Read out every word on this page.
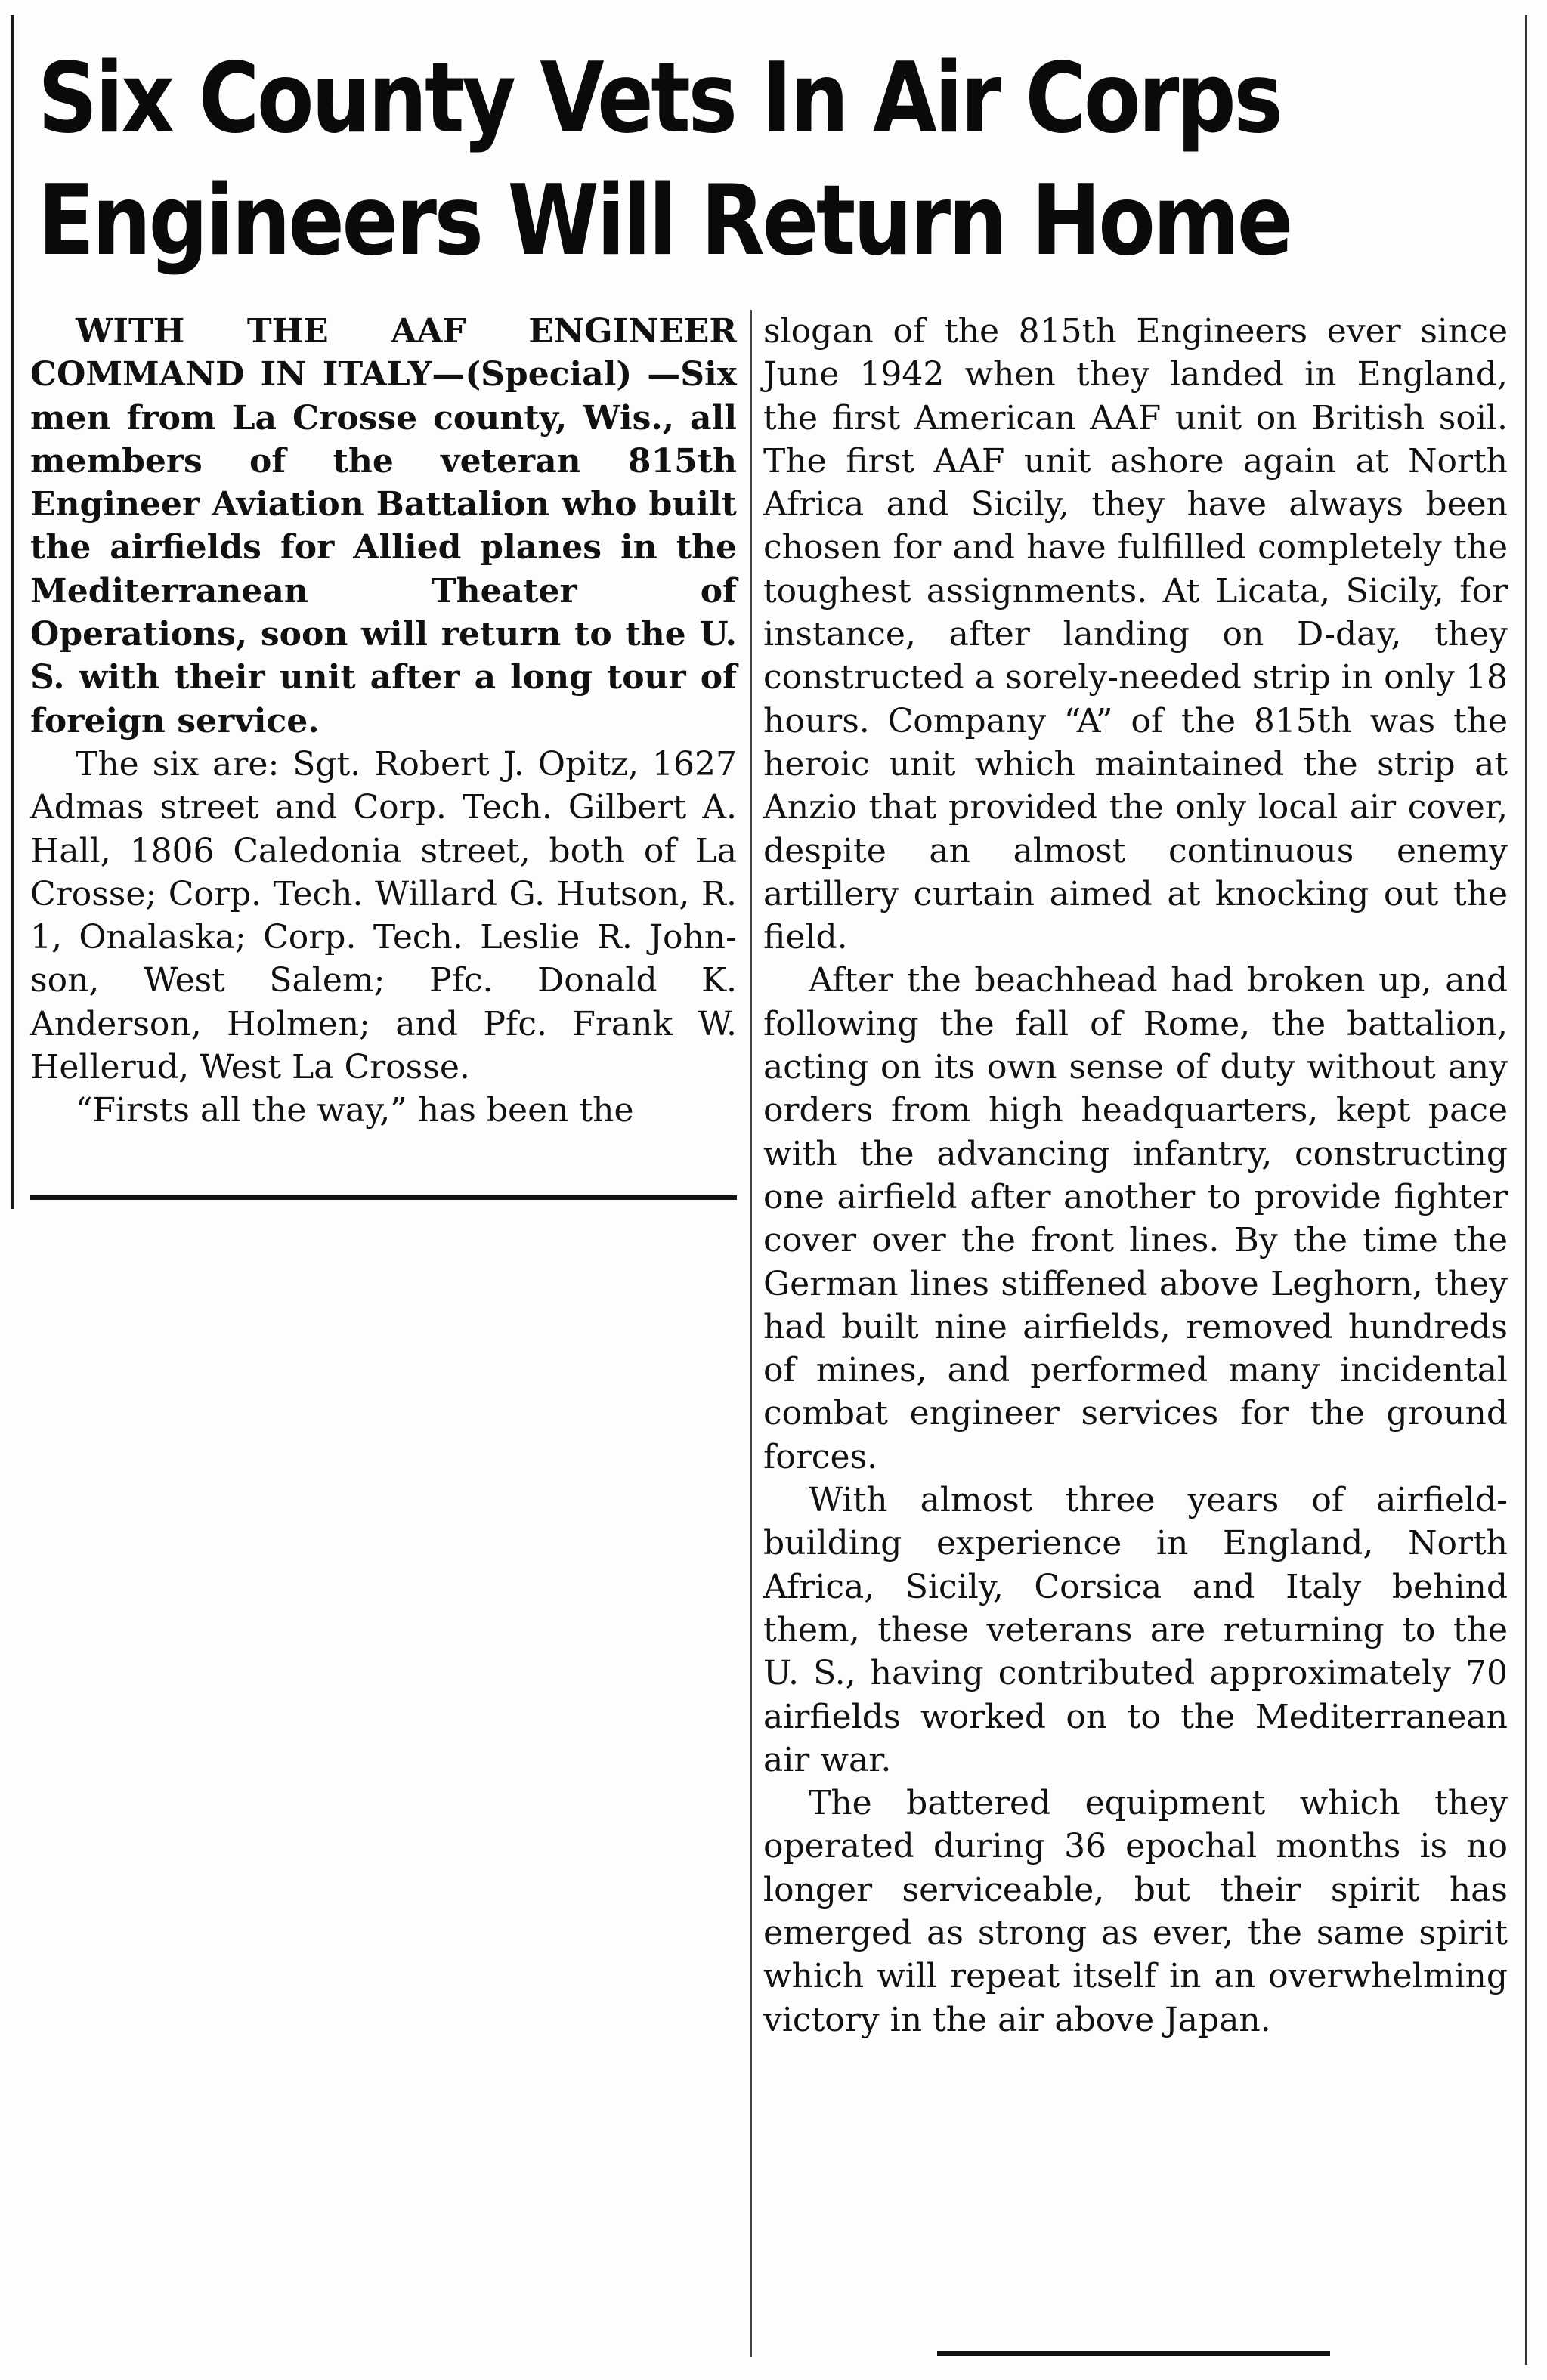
Six County Vets In Air Corps
Engineers Will Return Home

WITH THE AAF ENGINEER COMMAND IN ITALY—(Special) —Six men from La Crosse county, Wis., all members of the veteran 815th Engineer Aviation Battalion who built the airfields for Allied planes in the Mediterranean Theater of Operations, soon will return to the U. S. with their unit after a long tour of foreign service.

The six are: Sgt. Robert J. Opitz, 1627 Admas street and Corp. Tech. Gilbert A. Hall, 1806 Caledonia street, both of La Crosse; Corp. Tech. Willard G. Hutson, R. 1, Onalaska; Corp. Tech. Leslie R. Johnson, West Salem; Pfc. Donald K. Anderson, Holmen; and Pfc. Frank W. Hellerud, West La Crosse.

“Firsts all the way,” has been the

slogan of the 815th Engineers ever since June 1942 when they landed in England, the first American AAF unit on British soil. The first AAF unit ashore again at North Africa and Sicily, they have always been chosen for and have fulfilled completely the toughest assignments. At Licata, Sicily, for instance, after landing on D-day, they constructed a sorely-needed strip in only 18 hours. Company “A” of the 815th was the heroic unit which maintained the strip at Anzio that provided the only local air cover, despite an almost continuous enemy artillery curtain aimed at knocking out the field.

After the beachhead had broken up, and following the fall of Rome, the battalion, acting on its own sense of duty without any orders from high headquarters, kept pace with the advancing infantry, constructing one airfield after another to provide fighter cover over the front lines. By the time the German lines stiffened above Leghorn, they had built nine airfields, removed hundreds of mines, and performed many incidental combat engineer services for the ground forces.

With almost three years of airfield-building experience in England, North Africa, Sicily, Corsica and Italy behind them, these veterans are returning to the U. S., having contributed approximately 70 airfields worked on to the Mediterranean air war.

The battered equipment which they operated during 36 epochal months is no longer serviceable, but their spirit has emerged as strong as ever, the same spirit which will repeat itself in an overwhelming victory in the air above Japan.
